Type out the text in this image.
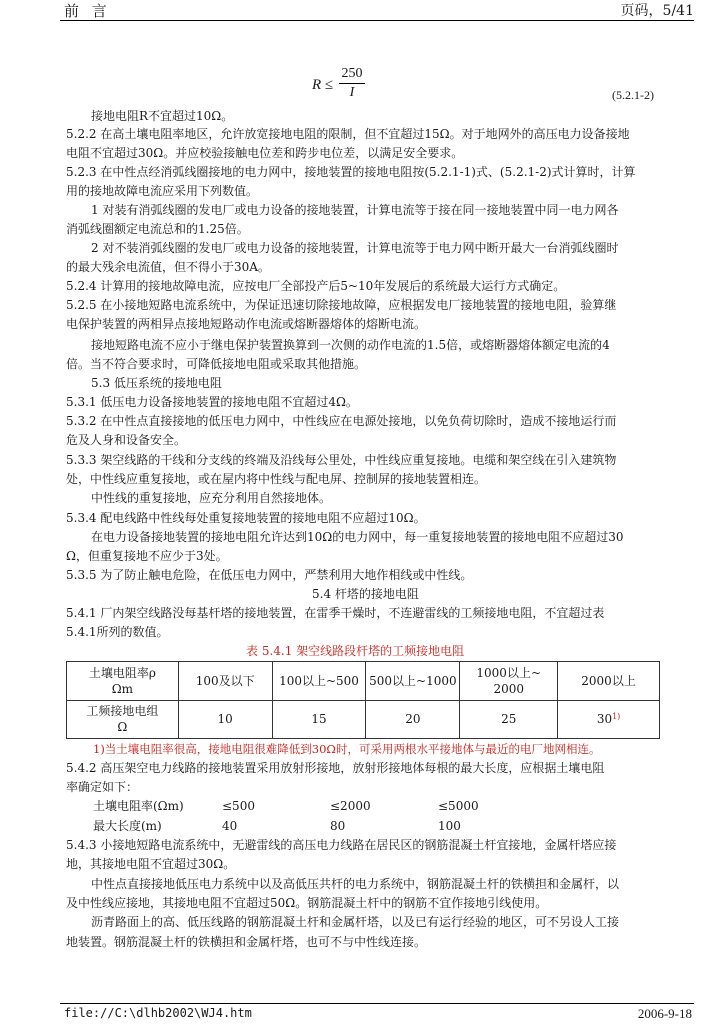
前 言	页码，5/41
R ≤
250
I	(5.2.1-2)
接地电阻R不宜超过10Ω。
5.2.2 在高土壤电阻率地区，允许放宽接地电阻的限制，但不宜超过15Ω。对于地网外的高压电力设备接地
电阻不宜超过30Ω。并应校验接触电位差和跨步电位差，以满足安全要求。
5.2.3 在中性点经消弧线圈接地的电力网中，接地装置的接地电阻按(5.2.1-1)式、(5.2.1-2)式计算时，计算
用的接地故障电流应采用下列数值。
1 对装有消弧线圈的发电厂或电力设备的接地装置，计算电流等于接在同一接地装置中同一电力网各
消弧线圈额定电流总和的1.25倍。
2 对不装消弧线圈的发电厂或电力设备的接地装置，计算电流等于电力网中断开最大一台消弧线圈时
的最大残余电流值，但不得小于30A。
5.2.4 计算用的接地故障电流，应按电厂全部投产后5~10年发展后的系统最大运行方式确定。
5.2.5 在小接地短路电流系统中，为保证迅速切除接地故障，应根据发电厂接地装置的接地电阻，验算继
电保护装置的两相异点接地短路动作电流或熔断器熔体的熔断电流。
接地短路电流不应小于继电保护装置换算到一次侧的动作电流的1.5倍，或熔断器熔体额定电流的4
倍。当不符合要求时，可降低接地电阻或采取其他措施。
5.3 低压系统的接地电阻
5.3.1 低压电力设备接地装置的接地电阻不宜超过4Ω。
5.3.2 在中性点直接接地的低压电力网中，中性线应在电源处接地，以免负荷切除时，造成不接地运行而
危及人身和设备安全。
5.3.3 架空线路的干线和分支线的终端及沿线每公里处，中性线应重复接地。电缆和架空线在引入建筑物
处，中性线应重复接地，或在屋内将中性线与配电屏、控制屏的接地装置相连。
中性线的重复接地，应充分利用自然接地体。
5.3.4 配电线路中性线每处重复接地装置的接地电阻不应超过10Ω。
在电力设备接地装置的接地电阻允许达到10Ω的电力网中，每一重复接地装置的接地电阻不应超过30
Ω，但重复接地不应少于3处。
5.3.5 为了防止触电危险，在低压电力网中，严禁利用大地作相线或中性线。
5.4 杆塔的接地电阻
5.4.1 厂内架空线路没每基杆塔的接地装置，在雷季干燥时，不连避雷线的工频接地电阻，不宜超过表
5.4.1所列的数值。
表 5.4.1 架空线路段杆塔的工频接地电阻
土壤电阻率ρ
Ωm	100及以下	100以上~500	500以上~1000	1000以上~
2000	2000以上
工频接地电组
Ω	10	15	20	25	30$^{1)}$
1)当土壤电阻率很高，接地电阻很难降低到30Ω时，可采用两根水平接地体与最近的电厂地网相连。
5.4.2 高压架空电力线路的接地装置采用放射形接地，放射形接地体每根的最大长度，应根据土壤电阻
率确定如下：
土壤电阻率(Ωm)	≤500	≤2000	≤5000
最大长度(m)	40	80	100
5.4.3 小接地短路电流系统中，无避雷线的高压电力线路在居民区的钢筋混凝土杆宜接地，金属杆塔应接
地，其接地电阻不宜超过30Ω。
中性点直接接地低压电力系统中以及高低压共杆的电力系统中，钢筋混凝土杆的铁横担和金属杆，以
及中性线应接地，其接地电阻不宜超过50Ω。钢筋混凝土杆中的钢筋不宜作接地引线使用。
沥青路面上的高、低压线路的钢筋混凝土杆和金属杆塔，以及已有运行经验的地区，可不另设人工接
地装置。钢筋混凝土杆的铁横担和金属杆塔，也可不与中性线连接。
file://C:\dlhb2002\WJ4.htm	2006-9-18
